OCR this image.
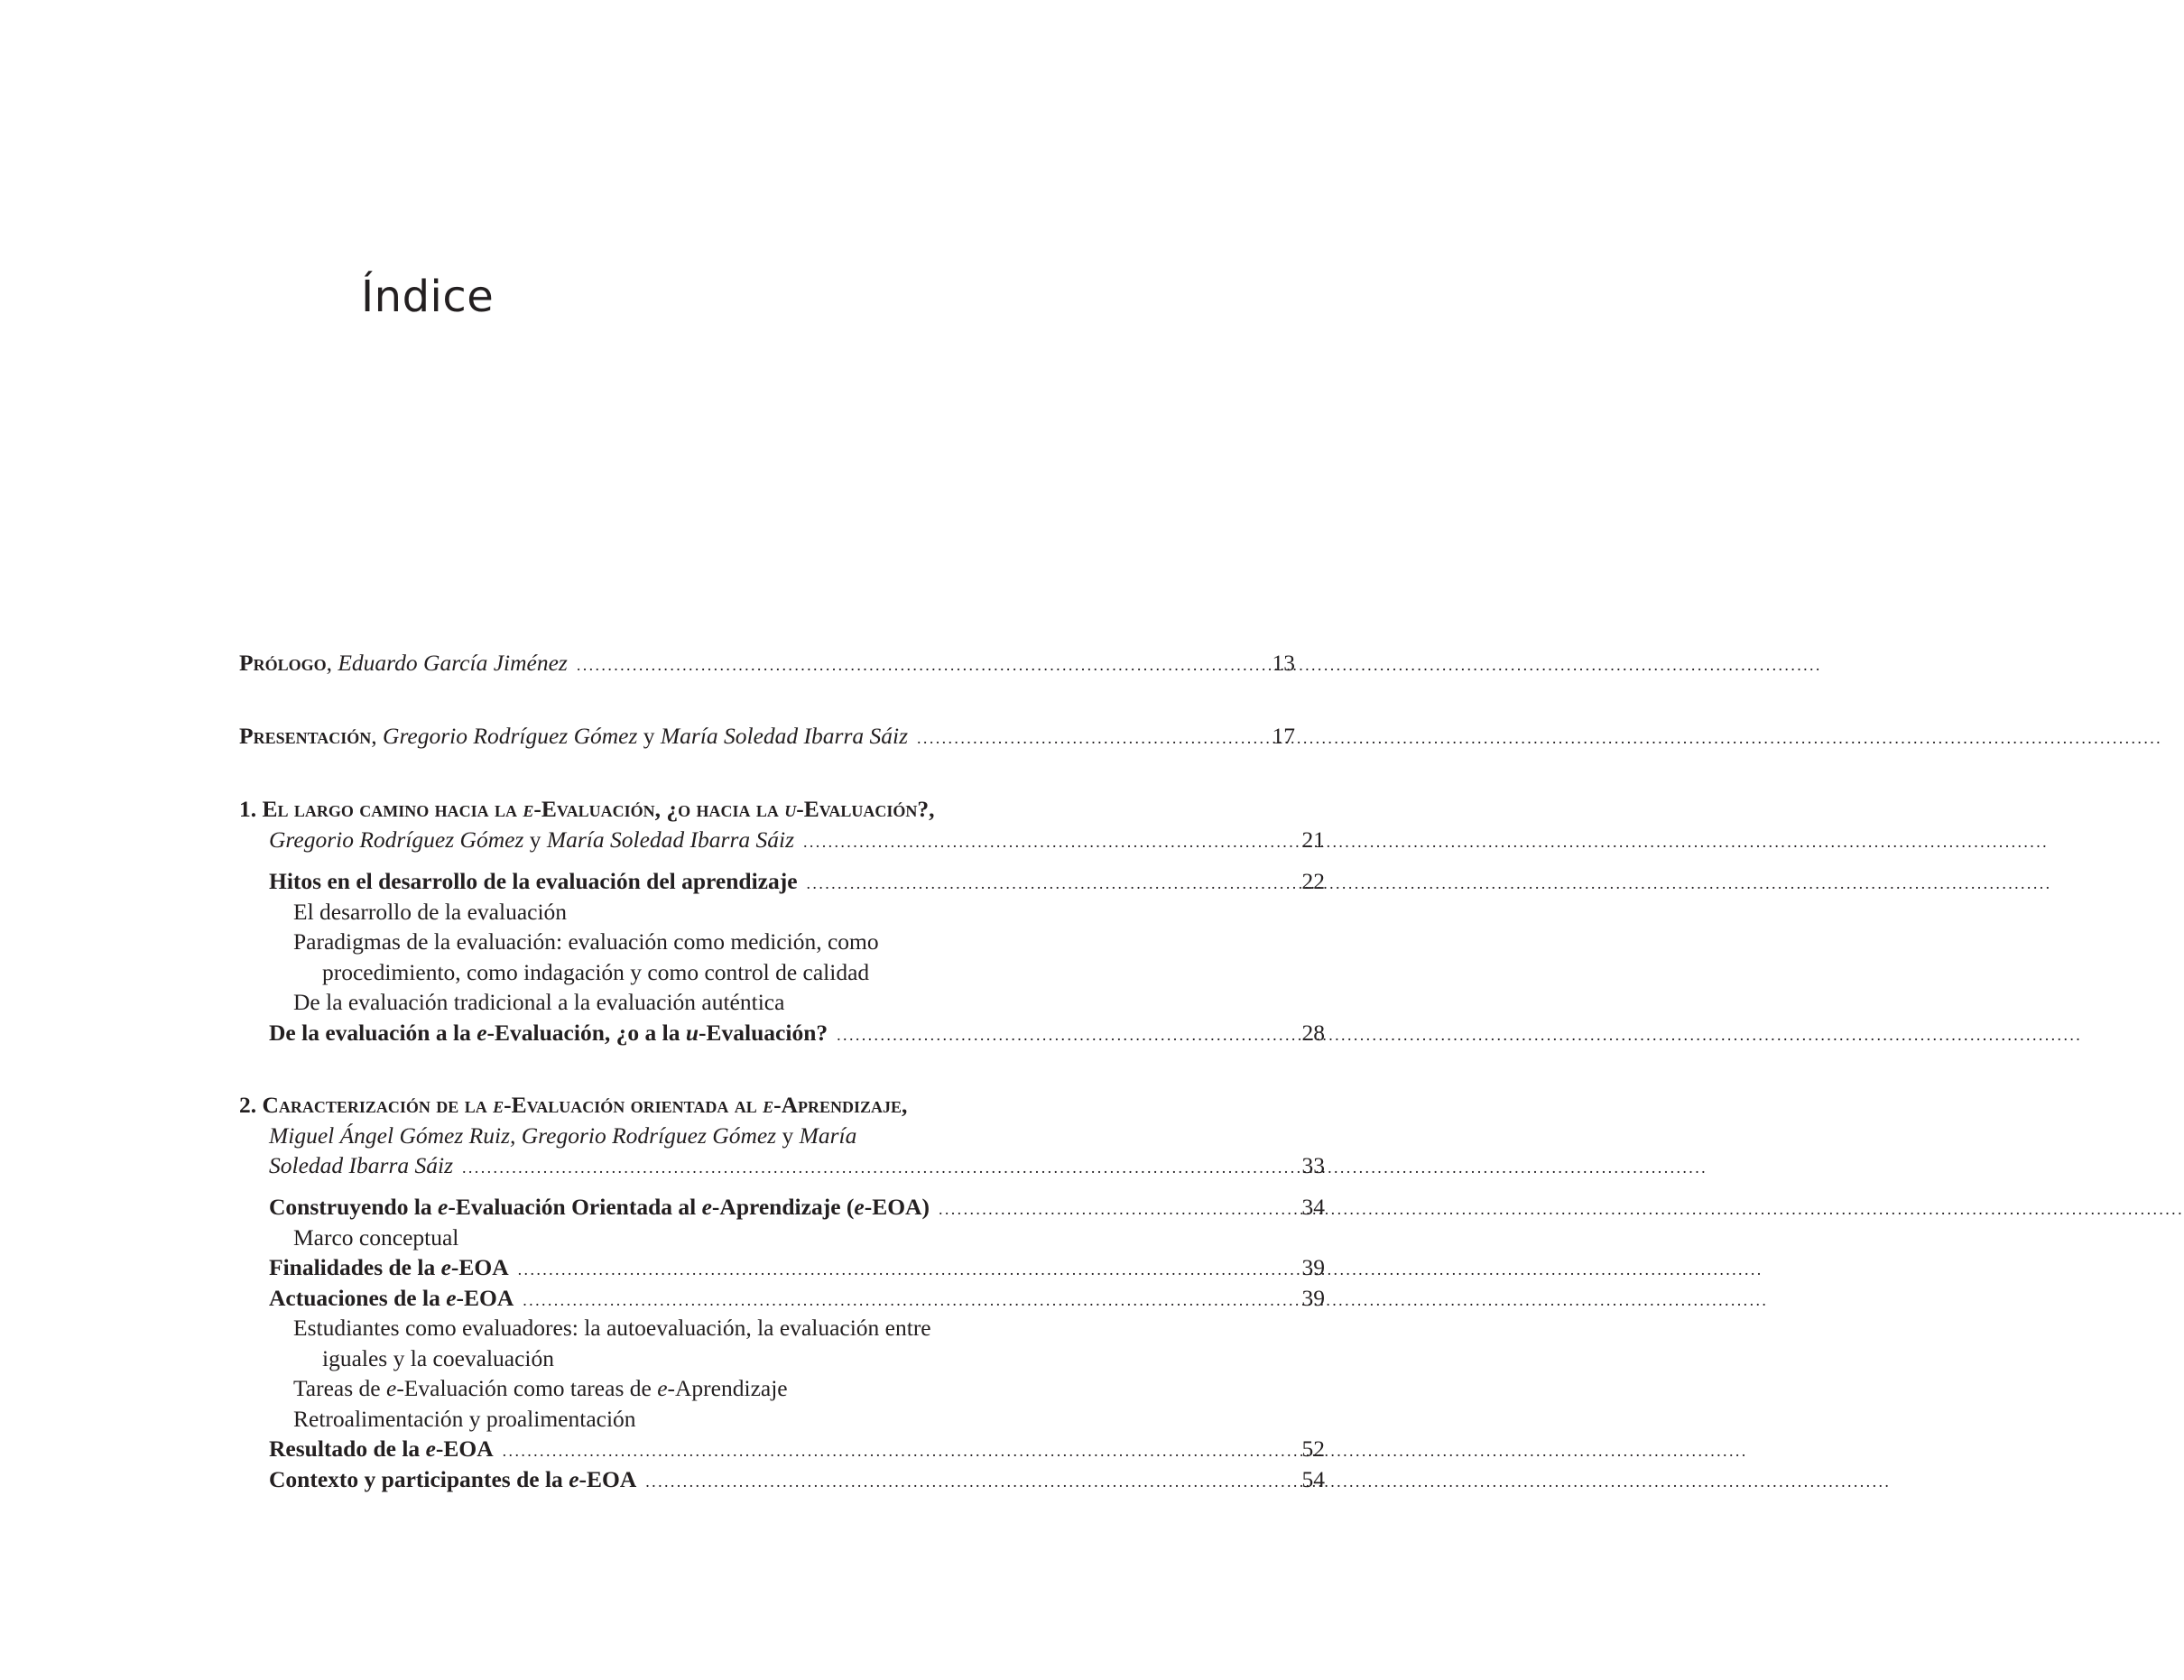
Índice
Prólogo, Eduardo García Jiménez .....	13
Presentación, Gregorio Rodríguez Gómez y María Soledad Ibarra Sáiz .....	17
1. El largo camino hacia la e-Evaluación, ¿o hacia la u-Evaluación?,
Gregorio Rodríguez Gómez y María Soledad Ibarra Sáiz .....	21
Hitos en el desarrollo de la evaluación del aprendizaje .....	22
El desarrollo de la evaluación
Paradigmas de la evaluación: evaluación como medición, como
procedimiento, como indagación y como control de calidad
De la evaluación tradicional a la evaluación auténtica
De la evaluación a la e-Evaluación, ¿o a la u-Evaluación? .....	28
2. Caracterización de la e-Evaluación orientada al e-Aprendizaje,
Miguel Ángel Gómez Ruiz, Gregorio Rodríguez Gómez y María
Soledad Ibarra Sáiz .....	33
Construyendo la e-Evaluación Orientada al e-Aprendizaje (e-EOA) .....	34
Marco conceptual
Finalidades de la e-EOA .....	39
Actuaciones de la e-EOA .....	39
Estudiantes como evaluadores: la autoevaluación, la evaluación entre
iguales y la coevaluación
Tareas de e-Evaluación como tareas de e-Aprendizaje
Retroalimentación y proalimentación
Resultado de la e-EOA .....	52
Contexto y participantes de la e-EOA .....	54
